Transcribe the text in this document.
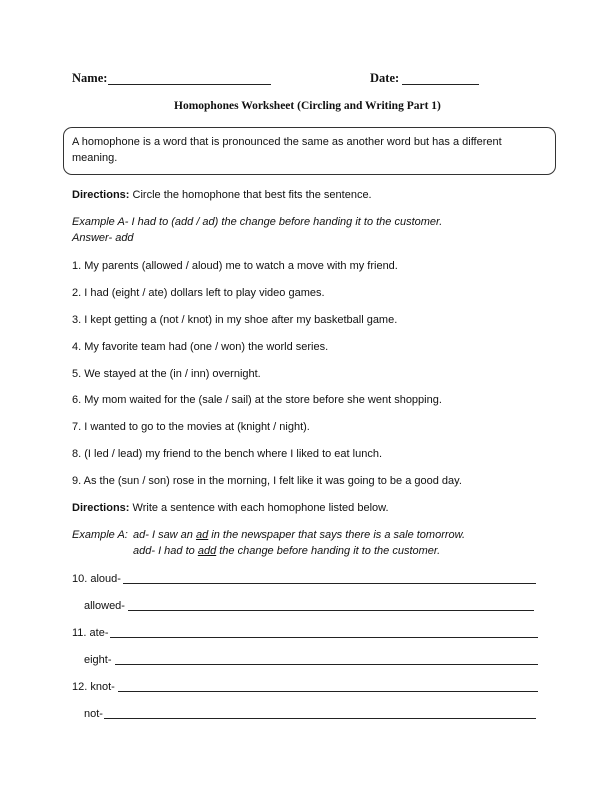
Name:	Date:
Homophones Worksheet (Circling and Writing Part 1)
A homophone is a word that is pronounced the same as another word but has a different meaning.
Directions: Circle the homophone that best fits the sentence.
Example A- I had to (add / ad) the change before handing it to the customer.
Answer- add
1. My parents (allowed / aloud) me to watch a move with my friend.
2. I had (eight / ate) dollars left to play video games.
3. I kept getting a (not / knot) in my shoe after my basketball game.
4. My favorite team had (one / won) the world series.
5. We stayed at the (in / inn) overnight.
6. My mom waited for the (sale / sail) at the store before she went shopping.
7. I wanted to go to the movies at (knight / night).
8. (I led / lead) my friend to the bench where I liked to eat lunch.
9. As the (sun / son) rose in the morning, I felt like it was going to be a good day.
Directions: Write a sentence with each homophone listed below.
Example A: ad- I saw an ad in the newspaper that says there is a sale tomorrow.
add- I had to add the change before handing it to the customer.
10. aloud-
allowed-
11. ate-
eight-
12. knot-
not-
